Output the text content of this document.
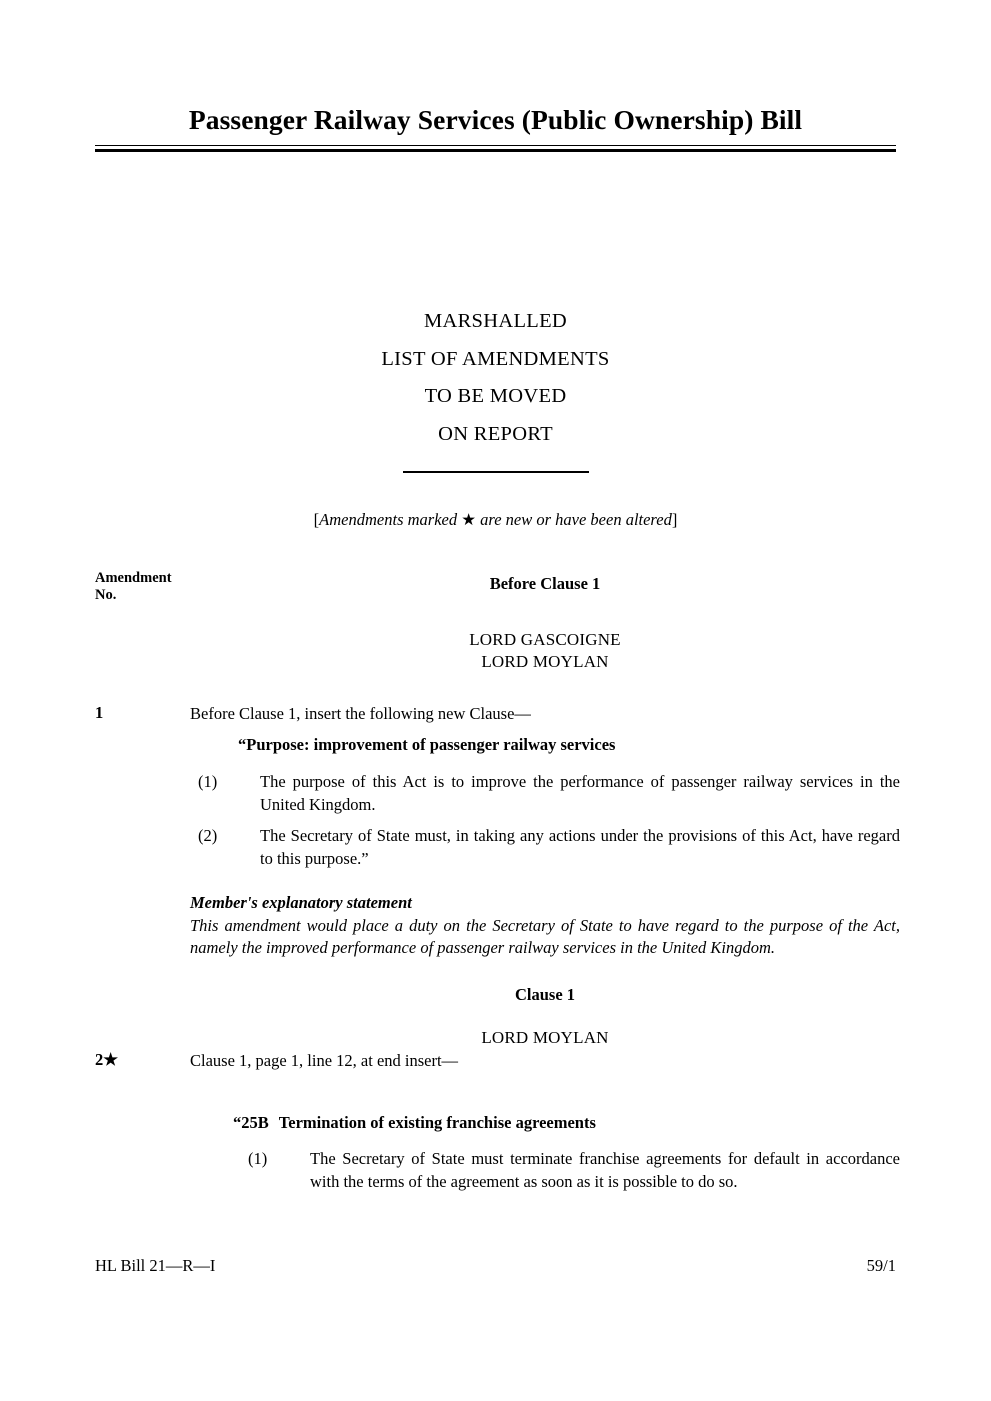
Passenger Railway Services (Public Ownership) Bill
MARSHALLED
LIST OF AMENDMENTS
TO BE MOVED
ON REPORT
[Amendments marked ★ are new or have been altered]
Amendment
No.
Before Clause 1
LORD GASCOIGNE
LORD MOYLAN
1	Before Clause 1, insert the following new Clause—
“Purpose: improvement of passenger railway services
(1)	The purpose of this Act is to improve the performance of passenger railway services in the United Kingdom.
(2)	The Secretary of State must, in taking any actions under the provisions of this Act, have regard to this purpose.”
Member's explanatory statement
This amendment would place a duty on the Secretary of State to have regard to the purpose of the Act, namely the improved performance of passenger railway services in the United Kingdom.
Clause 1
LORD MOYLAN
2★	Clause 1, page 1, line 12, at end insert—
“25B Termination of existing franchise agreements
(1)	The Secretary of State must terminate franchise agreements for default in accordance with the terms of the agreement as soon as it is possible to do so.
HL Bill 21—R—I	59/1
